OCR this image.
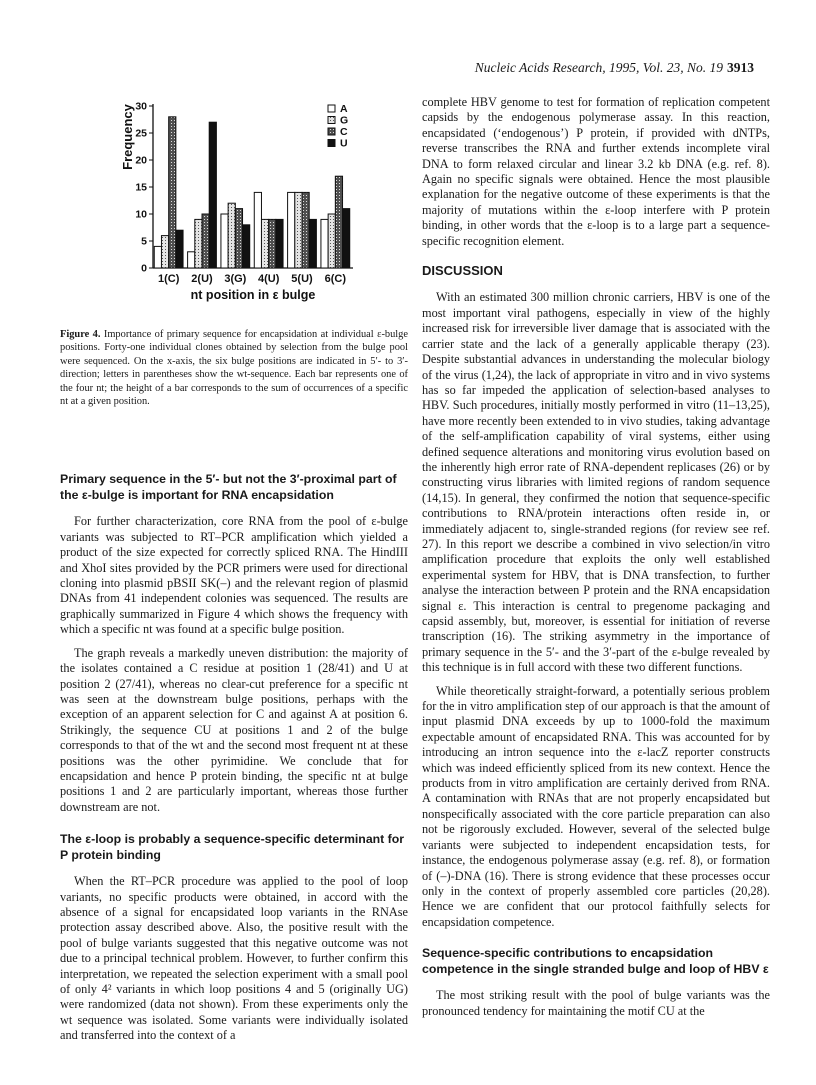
Nucleic Acids Research, 1995, Vol. 23, No. 19 3913
0
5
10
15
20
25
30
Frequency
1(C) 2(U) 3(G) 4(U) 5(U) 6(C)
nt position in ε bulge
A
G
C
U
Figure 4. Importance of primary sequence for encapsidation at individual ε-bulge positions. Forty-one individual clones obtained by selection from the bulge pool were sequenced. On the x-axis, the six bulge positions are indicated in 5′- to 3′-direction; letters in parentheses show the wt-sequence. Each bar represents one of the four nt; the height of a bar corresponds to the sum of occurrences of a specific nt at a given position.
Primary sequence in the 5′- but not the 3′-proximal part of the ε-bulge is important for RNA encapsidation

For further characterization, core RNA from the pool of ε-bulge variants was subjected to RT–PCR amplification which yielded a product of the size expected for correctly spliced RNA. The HindIII and XhoI sites provided by the PCR primers were used for directional cloning into plasmid pBSII SK(–) and the relevant region of plasmid DNAs from 41 independent colonies was sequenced. The results are graphically summarized in Figure 4 which shows the frequency with which a specific nt was found at a specific bulge position.

The graph reveals a markedly uneven distribution: the majority of the isolates contained a C residue at position 1 (28/41) and U at position 2 (27/41), whereas no clear-cut preference for a specific nt was seen at the downstream bulge positions, perhaps with the exception of an apparent selection for C and against A at position 6. Strikingly, the sequence CU at positions 1 and 2 of the bulge corresponds to that of the wt and the second most frequent nt at these positions was the other pyrimidine. We conclude that for encapsidation and hence P protein binding, the specific nt at bulge positions 1 and 2 are particularly important, whereas those further downstream are not.

The ε-loop is probably a sequence-specific determinant for P protein binding

When the RT–PCR procedure was applied to the pool of loop variants, no specific products were obtained, in accord with the absence of a signal for encapsidated loop variants in the RNAse protection assay described above. Also, the positive result with the pool of bulge variants suggested that this negative outcome was not due to a principal technical problem. However, to further confirm this interpretation, we repeated the selection experiment with a small pool of only 4² variants in which loop positions 4 and 5 (originally UG) were randomized (data not shown). From these experiments only the wt sequence was isolated. Some variants were individually isolated and transferred into the context of a

complete HBV genome to test for formation of replication competent capsids by the endogenous polymerase assay. In this reaction, encapsidated (‘endogenous’) P protein, if provided with dNTPs, reverse transcribes the RNA and further extends incomplete viral DNA to form relaxed circular and linear 3.2 kb DNA (e.g. ref. 8). Again no specific signals were obtained. Hence the most plausible explanation for the negative outcome of these experiments is that the majority of mutations within the ε-loop interfere with P protein binding, in other words that the ε-loop is to a large part a sequence-specific recognition element.

DISCUSSION

With an estimated 300 million chronic carriers, HBV is one of the most important viral pathogens, especially in view of the highly increased risk for irreversible liver damage that is associated with the carrier state and the lack of a generally applicable therapy (23). Despite substantial advances in understanding the molecular biology of the virus (1,24), the lack of appropriate in vitro and in vivo systems has so far impeded the application of selection-based analyses to HBV. Such procedures, initially mostly performed in vitro (11–13,25), have more recently been extended to in vivo studies, taking advantage of the self-amplification capability of viral systems, either using defined sequence alterations and monitoring virus evolution based on the inherently high error rate of RNA-dependent replicases (26) or by constructing virus libraries with limited regions of random sequence (14,15). In general, they confirmed the notion that sequence-specific contributions to RNA/protein interactions often reside in, or immediately adjacent to, single-stranded regions (for review see ref. 27). In this report we describe a combined in vivo selection/in vitro amplification procedure that exploits the only well established experimental system for HBV, that is DNA transfection, to further analyse the interaction between P protein and the RNA encapsidation signal ε. This interaction is central to pregenome packaging and capsid assembly, but, moreover, is essential for initiation of reverse transcription (16). The striking asymmetry in the importance of primary sequence in the 5′- and the 3′-part of the ε-bulge revealed by this technique is in full accord with these two different functions.

While theoretically straight-forward, a potentially serious problem for the in vitro amplification step of our approach is that the amount of input plasmid DNA exceeds by up to 1000-fold the maximum expectable amount of encapsidated RNA. This was accounted for by introducing an intron sequence into the ε-lacZ reporter constructs which was indeed efficiently spliced from its new context. Hence the products from in vitro amplification are certainly derived from RNA. A contamination with RNAs that are not properly encapsidated but nonspecifically associated with the core particle preparation can also not be rigorously excluded. However, several of the selected bulge variants were subjected to independent encapsidation tests, for instance, the endogenous polymerase assay (e.g. ref. 8), or formation of (–)-DNA (16). There is strong evidence that these processes occur only in the context of properly assembled core particles (20,28). Hence we are confident that our protocol faithfully selects for encapsidation competence.

Sequence-specific contributions to encapsidation competence in the single stranded bulge and loop of HBV ε

The most striking result with the pool of bulge variants was the pronounced tendency for maintaining the motif CU at the
